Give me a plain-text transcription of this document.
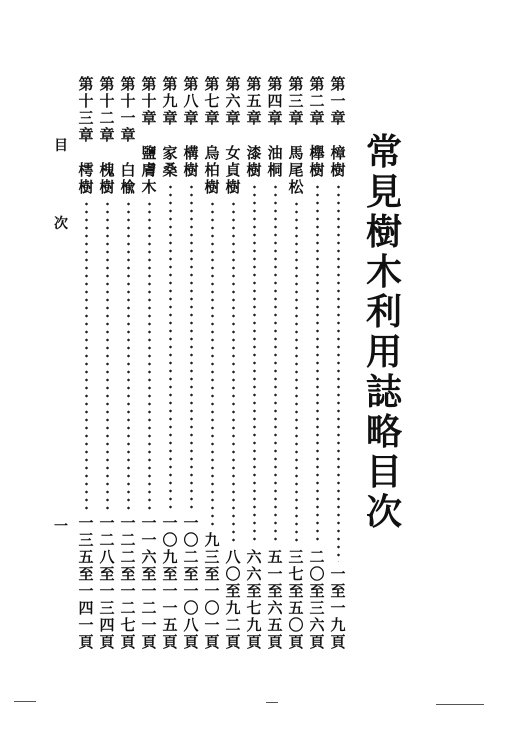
常
見
樹
木
利
用
誌
略
目
次
第
一
章
樟
樹
一
至
一
九
頁
第
二
章
櫸
樹
二
〇
至
三
六
頁
第
三
章
馬
尾
松
三
七
至
五
〇
頁
第
四
章
油
桐
五
一
至
六
五
頁
第
五
章
漆
樹
六
六
至
七
九
頁
第
六
章
女
貞
樹
八
〇
至
九
二
頁
第
七
章
烏
柏
樹
九
三
至
一
〇
一
頁
第
八
章
構
樹
一
〇
二
至
一
〇
八
頁
第
九
章
家
桑
一
〇
九
至
一
一
五
頁
第
十
章
鹽
膚
木
一
一
六
至
一
二
一
頁
第
十
一
章
白
楡
一
二
二
至
一
二
七
頁
第
十
二
章
槐
樹
一
二
八
至
一
三
四
頁
第
十
三
章
樗
樹
一
三
五
至
一
四
一
頁
目
次
一
